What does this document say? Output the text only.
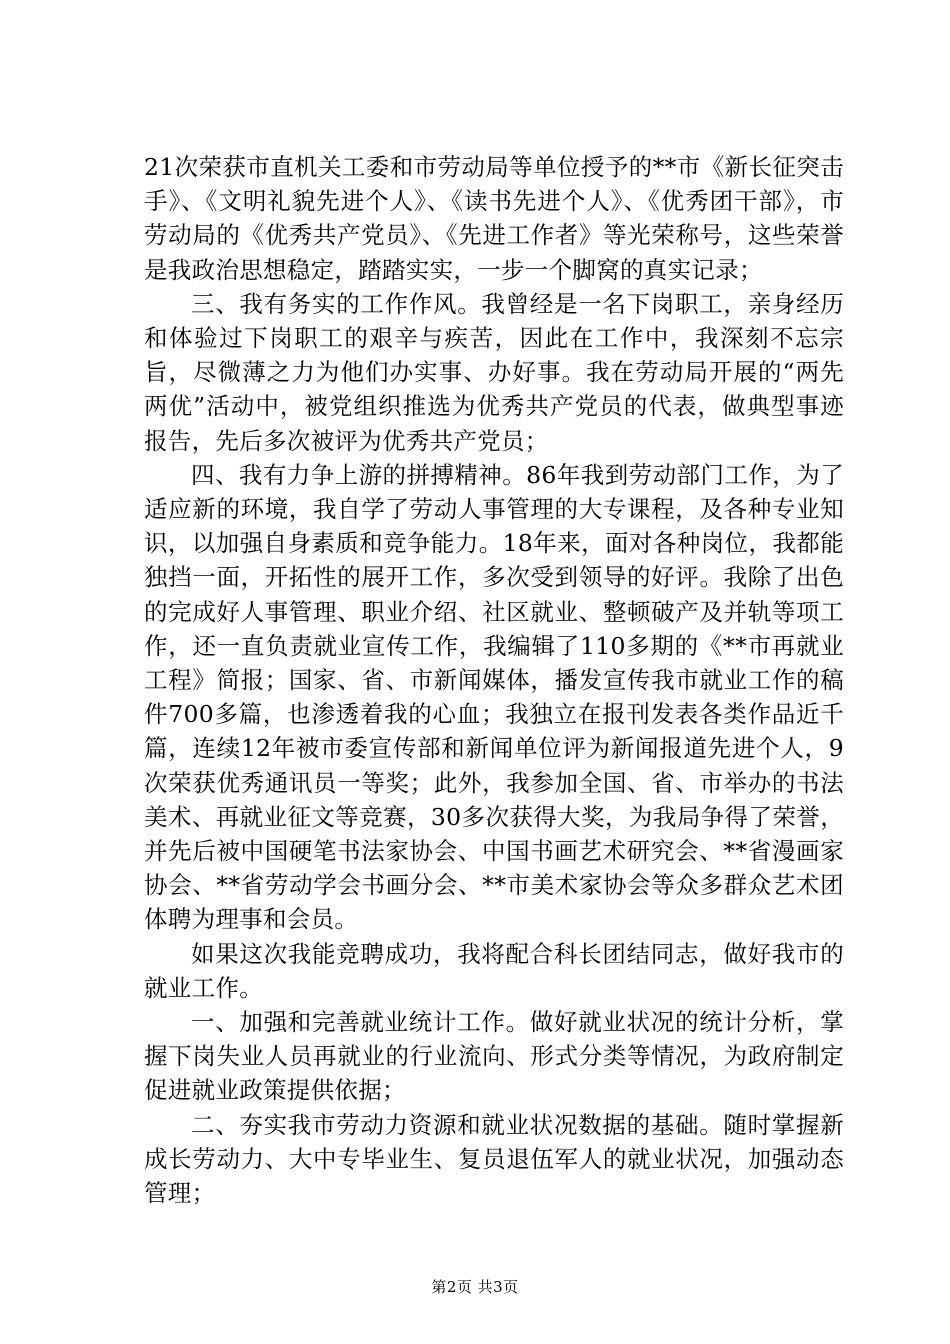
21次荣获市直机关工委和市劳动局等单位授予的**市《新长征突击手》、《文明礼貌先进个人》、《读书先进个人》、《优秀团干部》，市劳动局的《优秀共产党员》、《先进工作者》等光荣称号，这些荣誉是我政治思想稳定，踏踏实实，一步一个脚窝的真实记录；

三、我有务实的工作作风。我曾经是一名下岗职工，亲身经历和体验过下岗职工的艰辛与疾苦，因此在工作中，我深刻不忘宗旨，尽微薄之力为他们办实事、办好事。我在劳动局开展的“两先两优”活动中，被党组织推选为优秀共产党员的代表，做典型事迹报告，先后多次被评为优秀共产党员；

四、我有力争上游的拼搏精神。86年我到劳动部门工作，为了适应新的环境，我自学了劳动人事管理的大专课程，及各种专业知识，以加强自身素质和竞争能力。18年来，面对各种岗位，我都能独挡一面，开拓性的展开工作，多次受到领导的好评。我除了出色的完成好人事管理、职业介绍、社区就业、整顿破产及并轨等项工作，还一直负责就业宣传工作，我编辑了110多期的《**市再就业工程》简报；国家、省、市新闻媒体，播发宣传我市就业工作的稿件700多篇，也渗透着我的心血；我独立在报刊发表各类作品近千篇，连续12年被市委宣传部和新闻单位评为新闻报道先进个人，9次荣获优秀通讯员一等奖；此外，我参加全国、省、市举办的书法美术、再就业征文等竞赛，30多次获得大奖，为我局争得了荣誉，并先后被中国硬笔书法家协会、中国书画艺术研究会、**省漫画家协会、**省劳动学会书画分会、**市美术家协会等众多群众艺术团体聘为理事和会员。

如果这次我能竞聘成功，我将配合科长团结同志，做好我市的就业工作。

一、加强和完善就业统计工作。做好就业状况的统计分析，掌握下岗失业人员再就业的行业流向、形式分类等情况，为政府制定促进就业政策提供依据；

二、夯实我市劳动力资源和就业状况数据的基础。随时掌握新成长劳动力、大中专毕业生、复员退伍军人的就业状况，加强动态管理；

第2页 共3页
